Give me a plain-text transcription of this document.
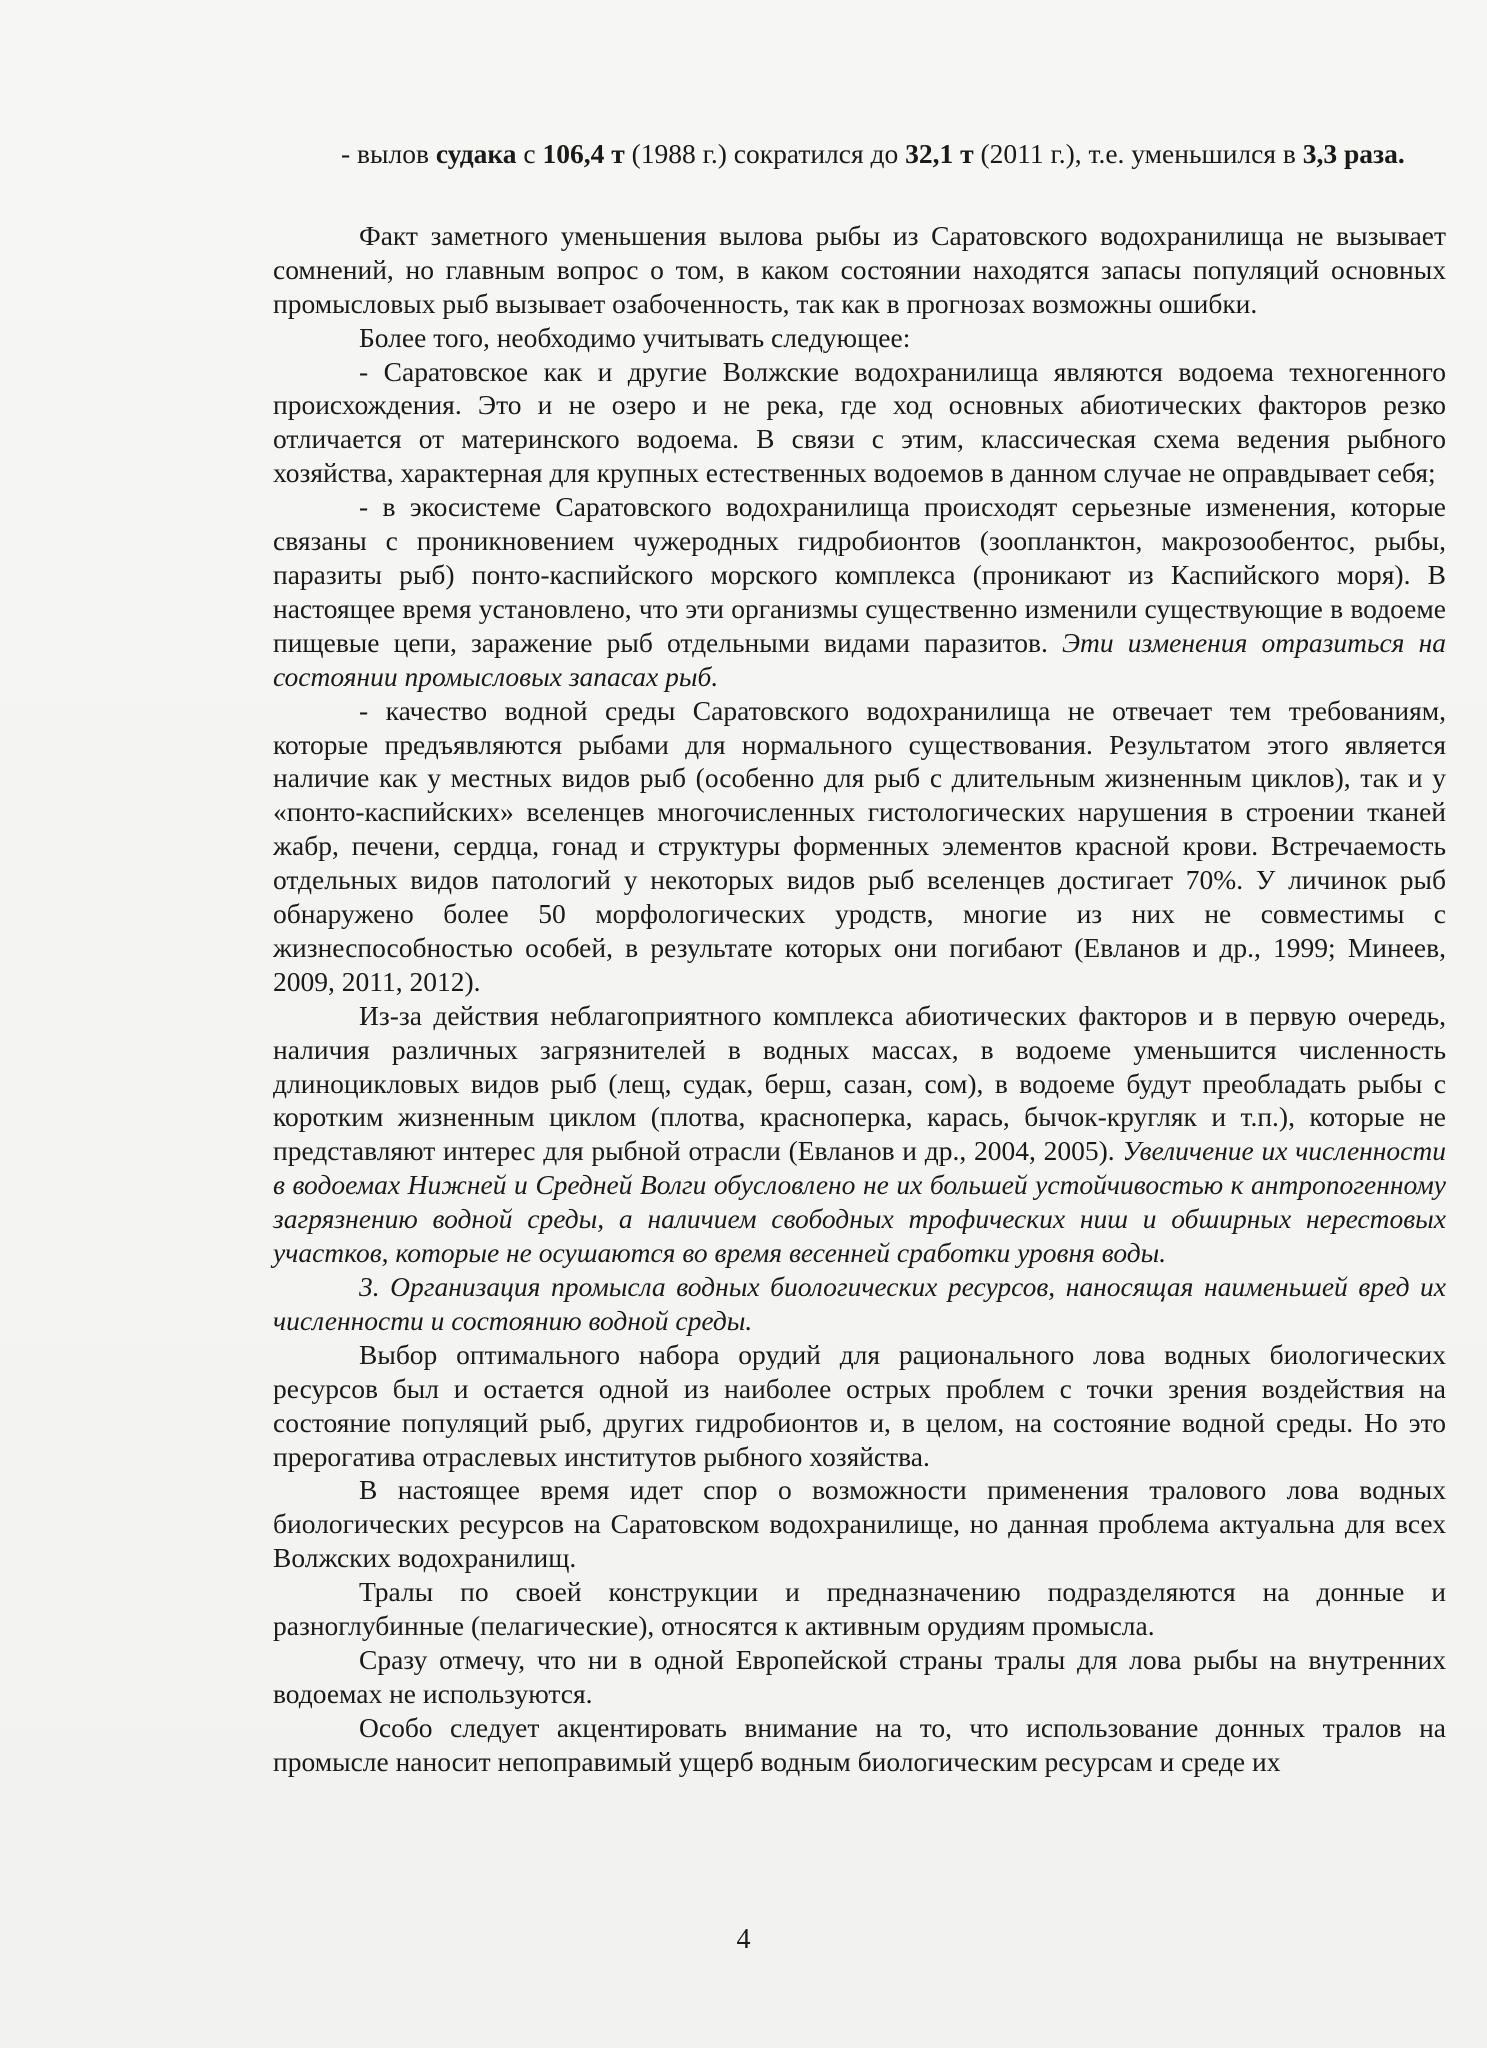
- вылов судака с 106,4 т (1988 г.) сократился до 32,1 т (2011 г.), т.е. уменьшился в 3,3 раза.

Факт заметного уменьшения вылова рыбы из Саратовского водохранилища не вызывает сомнений, но главным вопрос о том, в каком состоянии находятся запасы популяций основных промысловых рыб вызывает озабоченность, так как в прогнозах возможны ошибки.

Более того, необходимо учитывать следующее:

- Саратовское как и другие Волжские водохранилища являются водоема техногенного происхождения. Это и не озеро и не река, где ход основных абиотических факторов резко отличается от материнского водоема. В связи с этим, классическая схема ведения рыбного хозяйства, характерная для крупных естественных водоемов в данном случае не оправдывает себя;

- в экосистеме Саратовского водохранилища происходят серьезные изменения, которые связаны с проникновением чужеродных гидробионтов (зоопланктон, макрозообентос, рыбы, паразиты рыб) понто-каспийского морского комплекса (проникают из Каспийского моря). В настоящее время установлено, что эти организмы существенно изменили существующие в водоеме пищевые цепи, заражение рыб отдельными видами паразитов. Эти изменения отразиться на состоянии промысловых запасах рыб.

- качество водной среды Саратовского водохранилища не отвечает тем требованиям, которые предъявляются рыбами для нормального существования. Результатом этого является наличие как у местных видов рыб (особенно для рыб с длительным жизненным циклов), так и у «понто-каспийских» вселенцев многочисленных гистологических нарушения в строении тканей жабр, печени, сердца, гонад и структуры форменных элементов красной крови. Встречаемость отдельных видов патологий у некоторых видов рыб вселенцев достигает 70%. У личинок рыб обнаружено более 50 морфологических уродств, многие из них не совместимы с жизнеспособностью особей, в результате которых они погибают (Евланов и др., 1999; Минеев, 2009, 2011, 2012).

Из-за действия неблагоприятного комплекса абиотических факторов и в первую очередь, наличия различных загрязнителей в водных массах, в водоеме уменьшится численность длиноцикловых видов рыб (лещ, судак, берш, сазан, сом), в водоеме будут преобладать рыбы с коротким жизненным циклом (плотва, красноперка, карась, бычок-кругляк и т.п.), которые не представляют интерес для рыбной отрасли (Евланов и др., 2004, 2005). Увеличение их численности в водоемах Нижней и Средней Волги обусловлено не их большей устойчивостью к антропогенному загрязнению водной среды, а наличием свободных трофических ниш и обширных нерестовых участков, которые не осушаются во время весенней сработки уровня воды.

3. Организация промысла водных биологических ресурсов, наносящая наименьшей вред их численности и состоянию водной среды.

Выбор оптимального набора орудий для рационального лова водных биологических ресурсов был и остается одной из наиболее острых проблем с точки зрения воздействия на состояние популяций рыб, других гидробионтов и, в целом, на состояние водной среды. Но это прерогатива отраслевых институтов рыбного хозяйства.

В настоящее время идет спор о возможности применения тралового лова водных биологических ресурсов на Саратовском водохранилище, но данная проблема актуальна для всех Волжских водохранилищ.

Тралы по своей конструкции и предназначению подразделяются на донные и разноглубинные (пелагические), относятся к активным орудиям промысла.

Сразу отмечу, что ни в одной Европейской страны тралы для лова рыбы на внутренних водоемах не используются.

Особо следует акцентировать внимание на то, что использование донных тралов на промысле наносит непоправимый ущерб водным биологическим ресурсам и среде их

4
